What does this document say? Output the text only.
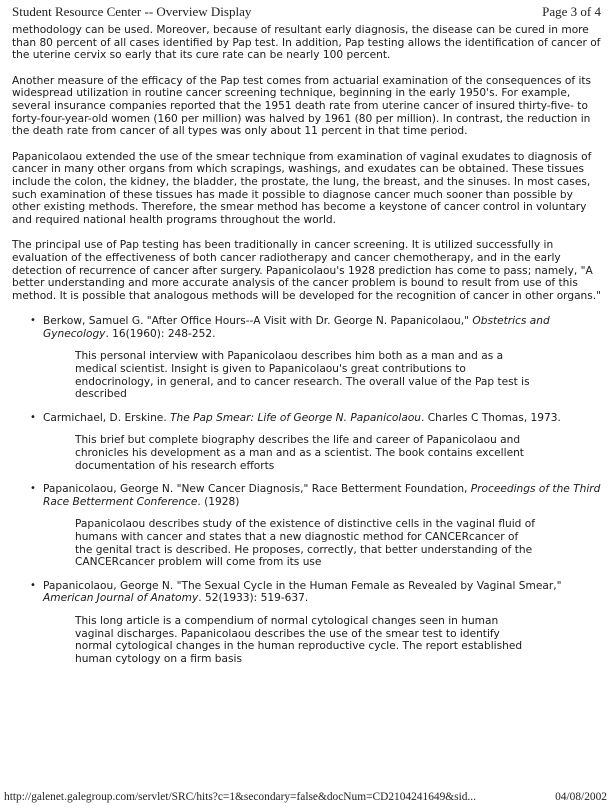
Student Resource Center -- Overview Display	Page 3 of 4

methodology can be used. Moreover, because of resultant early diagnosis, the disease can be cured in more than 80 percent of all cases identified by Pap test. In addition, Pap testing allows the identification of cancer of the uterine cervix so early that its cure rate can be nearly 100 percent.

Another measure of the efficacy of the Pap test comes from actuarial examination of the consequences of its widespread utilization in routine cancer screening technique, beginning in the early 1950's. For example, several insurance companies reported that the 1951 death rate from uterine cancer of insured thirty-five- to forty-four-year-old women (160 per million) was halved by 1961 (80 per million). In contrast, the reduction in the death rate from cancer of all types was only about 11 percent in that time period.

Papanicolaou extended the use of the smear technique from examination of vaginal exudates to diagnosis of cancer in many other organs from which scrapings, washings, and exudates can be obtained. These tissues include the colon, the kidney, the bladder, the prostate, the lung, the breast, and the sinuses. In most cases, such examination of these tissues has made it possible to diagnose cancer much sooner than possible by other existing methods. Therefore, the smear method has become a keystone of cancer control in voluntary and required national health programs throughout the world.

The principal use of Pap testing has been traditionally in cancer screening. It is utilized successfully in evaluation of the effectiveness of both cancer radiotherapy and cancer chemotherapy, and in the early detection of recurrence of cancer after surgery. Papanicolaou's 1928 prediction has come to pass; namely, "A better understanding and more accurate analysis of the cancer problem is bound to result from use of this method. It is possible that analogous methods will be developed for the recognition of cancer in other organs."

• Berkow, Samuel G. "After Office Hours--A Visit with Dr. George N. Papanicolaou," Obstetrics and Gynecology. 16(1960): 248-252.

This personal interview with Papanicolaou describes him both as a man and as a medical scientist. Insight is given to Papanicolaou's great contributions to endocrinology, in general, and to cancer research. The overall value of the Pap test is described

• Carmichael, D. Erskine. The Pap Smear: Life of George N. Papanicolaou. Charles C Thomas, 1973.

This brief but complete biography describes the life and career of Papanicolaou and chronicles his development as a man and as a scientist. The book contains excellent documentation of his research efforts

• Papanicolaou, George N. "New Cancer Diagnosis," Race Betterment Foundation, Proceedings of the Third Race Betterment Conference. (1928)

Papanicolaou describes study of the existence of distinctive cells in the vaginal fluid of humans with cancer and states that a new diagnostic method for CANCERcancer of the genital tract is described. He proposes, correctly, that better understanding of the CANCERcancer problem will come from its use

• Papanicolaou, George N. "The Sexual Cycle in the Human Female as Revealed by Vaginal Smear," American Journal of Anatomy. 52(1933): 519-637.

This long article is a compendium of normal cytological changes seen in human vaginal discharges. Papanicolaou describes the use of the smear test to identify normal cytological changes in the human reproductive cycle. The report established human cytology on a firm basis

http://galenet.galegroup.com/servlet/SRC/hits?c=1&secondary=false&docNum=CD2104241649&sid...	04/08/2002
